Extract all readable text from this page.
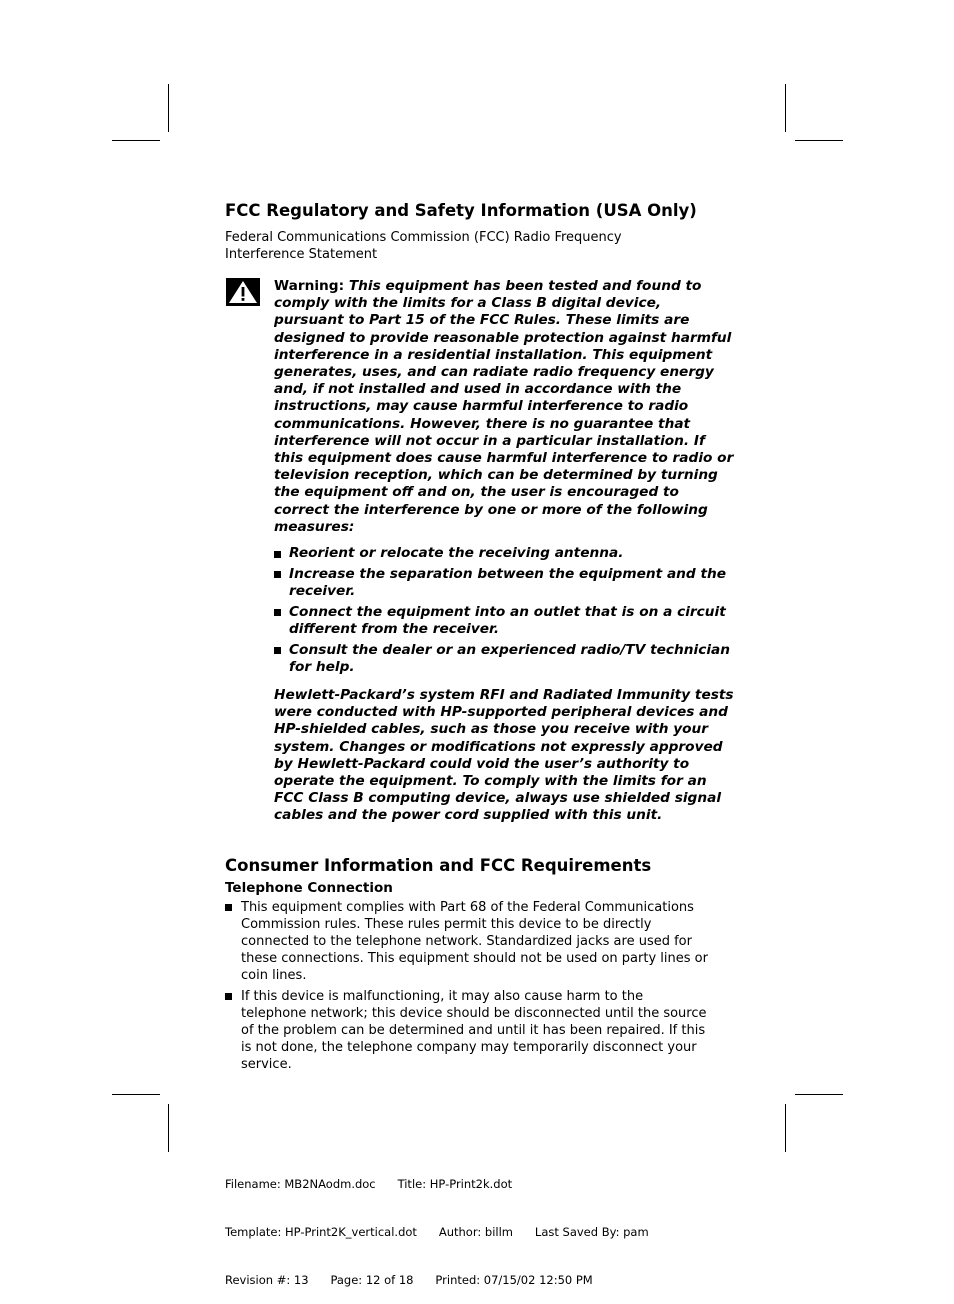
FCC Regulatory and Safety Information (USA Only)

Federal Communications Commission (FCC) Radio Frequency Interference Statement

Warning: This equipment has been tested and found to comply with the limits for a Class B digital device, pursuant to Part 15 of the FCC Rules. These limits are designed to provide reasonable protection against harmful interference in a residential installation. This equipment generates, uses, and can radiate radio frequency energy and, if not installed and used in accordance with the instructions, may cause harmful interference to radio communications. However, there is no guarantee that interference will not occur in a particular installation. If this equipment does cause harmful interference to radio or television reception, which can be determined by turning the equipment off and on, the user is encouraged to correct the interference by one or more of the following measures:
Reorient or relocate the receiving antenna.
Increase the separation between the equipment and the receiver.
Connect the equipment into an outlet that is on a circuit different from the receiver.
Consult the dealer or an experienced radio/TV technician for help.
Hewlett-Packard’s system RFI and Radiated Immunity tests were conducted with HP-supported peripheral devices and HP-shielded cables, such as those you receive with your system. Changes or modifications not expressly approved by Hewlett-Packard could void the user’s authority to operate the equipment. To comply with the limits for an FCC Class B computing device, always use shielded signal cables and the power cord supplied with this unit.
Consumer Information and FCC Requirements
Telephone Connection
This equipment complies with Part 68 of the Federal Communications Commission rules. These rules permit this device to be directly connected to the telephone network. Standardized jacks are used for these connections. This equipment should not be used on party lines or coin lines.
If this device is malfunctioning, it may also cause harm to the telephone network; this device should be disconnected until the source of the problem can be determined and until it has been repaired. If this is not done, the telephone company may temporarily disconnect your service.

Filename: MB2NAodm.doc      Title: HP-Print2k.dot

Template: HP-Print2K_vertical.dot      Author: billm      Last Saved By: pam

Revision #: 13      Page: 12 of 18      Printed: 07/15/02 12:50 PM
